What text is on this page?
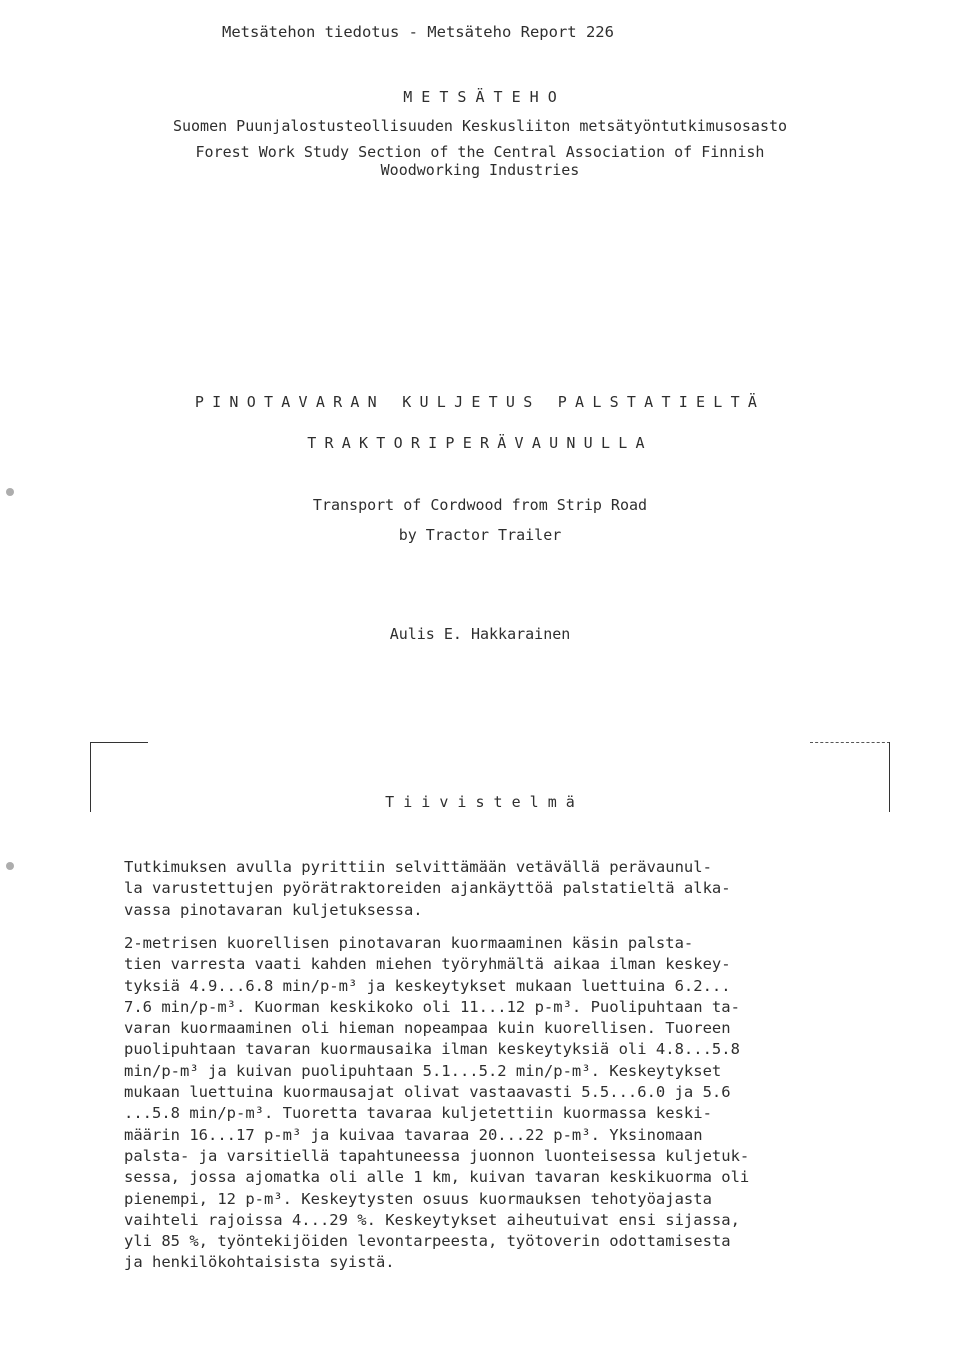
Metsätehon tiedotus - Metsäteho Report 226
M E T S Ä T E H O
Suomen Puunjalostusteollisuuden Keskusliiton metsätyöntutkimusosasto
Forest Work Study Section of the Central Association of Finnish
Woodworking Industries
PINOTAVARAN KULJETUS PALSTATIELTÄ
TRAKTORIPERÄVAUNULLA
Transport of Cordwood from Strip Road
by Tractor Trailer
Aulis E. Hakkarainen
T i i v i s t e l m ä
Tutkimuksen avulla pyrittiin selvittämään vetävällä perävaunul-
la varustettujen pyörätraktoreiden ajankäyttöä palstatieltä alka-
vassa pinotavaran kuljetuksessa.
2-metrisen kuorellisen pinotavaran kuormaaminen käsin palsta-
tien varresta vaati kahden miehen työryhmältä aikaa ilman keskey-
tyksiä 4.9...6.8 min/p-m³ ja keskeytykset mukaan luettuina 6.2...
7.6 min/p-m³. Kuorman keskikoko oli 11...12 p-m³. Puolipuhtaan ta-
varan kuormaaminen oli hieman nopeampaa kuin kuorellisen. Tuoreen
puolipuhtaan tavaran kuormausaika ilman keskeytyksiä oli 4.8...5.8
min/p-m³ ja kuivan puolipuhtaan 5.1...5.2 min/p-m³. Keskeytykset
mukaan luettuina kuormausajat olivat vastaavasti 5.5...6.0 ja 5.6
...5.8 min/p-m³. Tuoretta tavaraa kuljetettiin kuormassa keski-
määrin 16...17 p-m³ ja kuivaa tavaraa 20...22 p-m³. Yksinomaan
palsta- ja varsitiellä tapahtuneessa juonnon luonteisessa kuljetuk-
sessa, jossa ajomatka oli alle 1 km, kuivan tavaran keskikuorma oli
pienempi, 12 p-m³. Keskeytysten osuus kuormauksen tehotyöajasta
vaihteli rajoissa 4...29 %. Keskeytykset aiheutuivat ensi sijassa,
yli 85 %, työntekijöiden levontarpeesta, työtoverin odottamisesta
ja henkilökohtaisista syistä.
